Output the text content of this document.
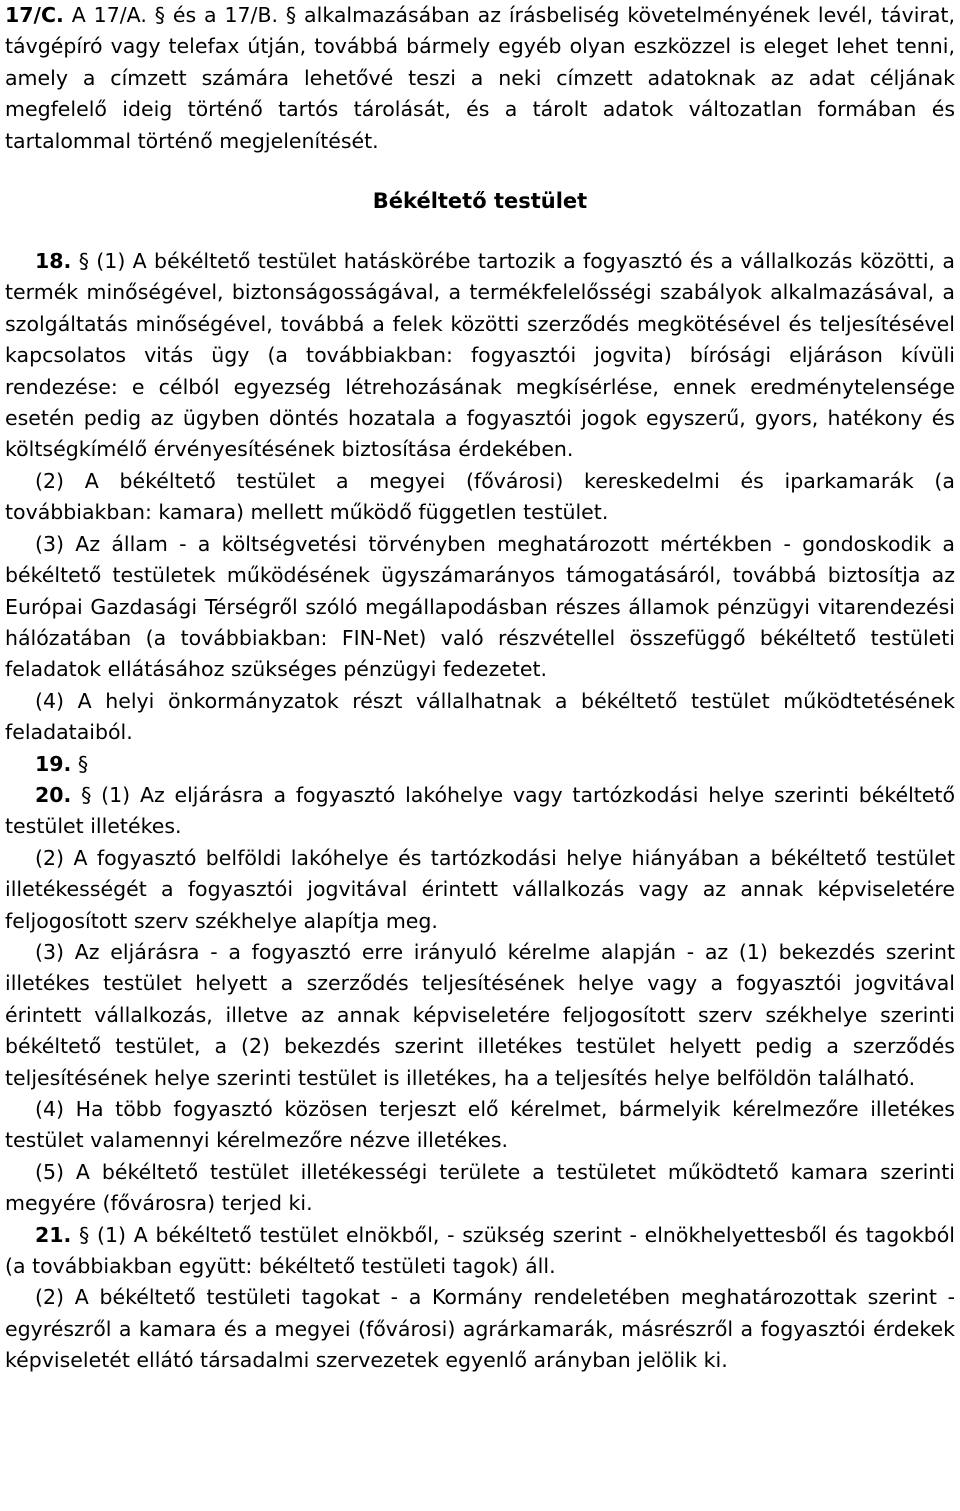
17/C. A 17/A. § és a 17/B. § alkalmazásában az írásbeliség követelményének levél, távirat, távgépíró vagy telefax útján, továbbá bármely egyéb olyan eszközzel is eleget lehet tenni, amely a címzett számára lehetővé teszi a neki címzett adatoknak az adat céljának megfelelő ideig történő tartós tárolását, és a tárolt adatok változatlan formában és tartalommal történő megjelenítését.

Békéltető testület

18. § (1) A békéltető testület hatáskörébe tartozik a fogyasztó és a vállalkozás közötti, a termék minőségével, biztonságosságával, a termékfelelősségi szabályok alkalmazásával, a szolgáltatás minőségével, továbbá a felek közötti szerződés megkötésével és teljesítésével kapcsolatos vitás ügy (a továbbiakban: fogyasztói jogvita) bírósági eljáráson kívüli rendezése: e célból egyezség létrehozásának megkísérlése, ennek eredménytelensége esetén pedig az ügyben döntés hozatala a fogyasztói jogok egyszerű, gyors, hatékony és költségkímélő érvényesítésének biztosítása érdekében.

(2) A békéltető testület a megyei (fővárosi) kereskedelmi és iparkamarák (a továbbiakban: kamara) mellett működő független testület.

(3) Az állam - a költségvetési törvényben meghatározott mértékben - gondoskodik a békéltető testületek működésének ügyszámarányos támogatásáról, továbbá biztosítja az Európai Gazdasági Térségről szóló megállapodásban részes államok pénzügyi vitarendezési hálózatában (a továbbiakban: FIN-Net) való részvétellel összefüggő békéltető testületi feladatok ellátásához szükséges pénzügyi fedezetet.

(4) A helyi önkormányzatok részt vállalhatnak a békéltető testület működtetésének feladataiból.

19. §

20. § (1) Az eljárásra a fogyasztó lakóhelye vagy tartózkodási helye szerinti békéltető testület illetékes.

(2) A fogyasztó belföldi lakóhelye és tartózkodási helye hiányában a békéltető testület illetékességét a fogyasztói jogvitával érintett vállalkozás vagy az annak képviseletére feljogosított szerv székhelye alapítja meg.

(3) Az eljárásra - a fogyasztó erre irányuló kérelme alapján - az (1) bekezdés szerint illetékes testület helyett a szerződés teljesítésének helye vagy a fogyasztói jogvitával érintett vállalkozás, illetve az annak képviseletére feljogosított szerv székhelye szerinti békéltető testület, a (2) bekezdés szerint illetékes testület helyett pedig a szerződés teljesítésének helye szerinti testület is illetékes, ha a teljesítés helye belföldön található.

(4) Ha több fogyasztó közösen terjeszt elő kérelmet, bármelyik kérelmezőre illetékes testület valamennyi kérelmezőre nézve illetékes.

(5) A békéltető testület illetékességi területe a testületet működtető kamara szerinti megyére (fővárosra) terjed ki.

21. § (1) A békéltető testület elnökből, - szükség szerint - elnökhelyettesből és tagokból (a továbbiakban együtt: békéltető testületi tagok) áll.

(2) A békéltető testületi tagokat - a Kormány rendeletében meghatározottak szerint - egyrészről a kamara és a megyei (fővárosi) agrárkamarák, másrészről a fogyasztói érdekek képviseletét ellátó társadalmi szervezetek egyenlő arányban jelölik ki.
